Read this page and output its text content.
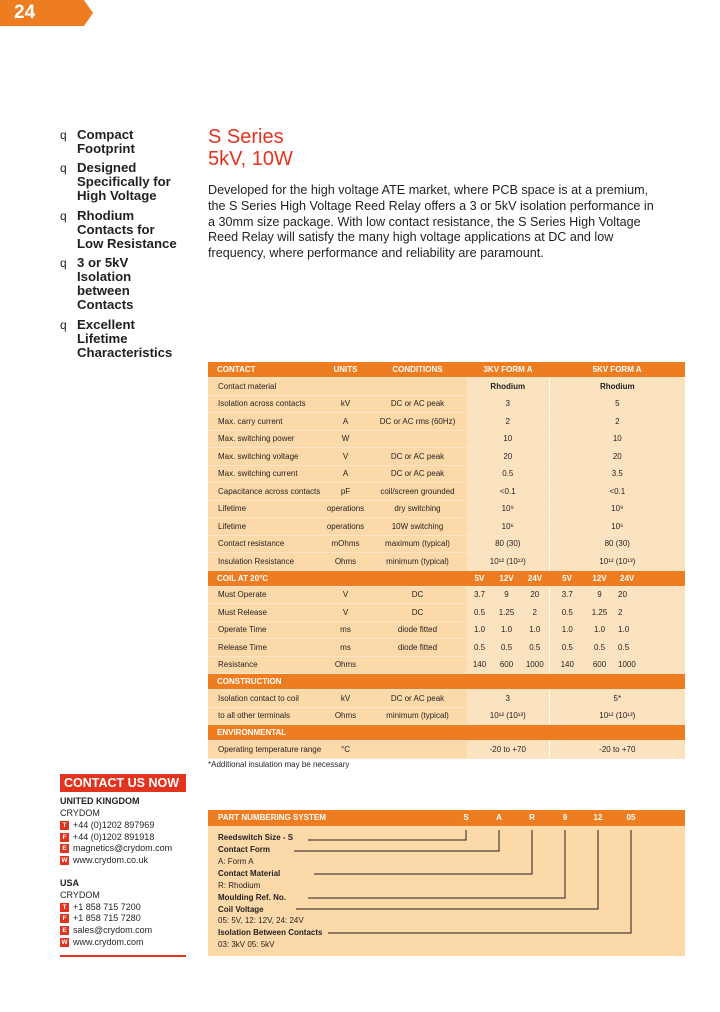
24
q Compact
Footprint
q Designed
Specifically for
High Voltage
q Rhodium
Contacts for
Low Resistance
q 3 or 5kV
Isolation
between
Contacts
q Excellent
Lifetime
Characteristics
S Series
5kV, 10W
Developed for the high voltage ATE market, where PCB space is at a premium, the S Series High Voltage Reed Relay offers a 3 or 5kV isolation performance in a 30mm size package. With low contact resistance, the S Series High Voltage Reed Relay will satisfy the many high voltage applications at DC and low frequency, where performance and reliability are paramount.
CONTACT	UNITS	CONDITIONS	3KV FORM A			5KV FORM A		
Contact material			Rhodium			Rhodium		
Isolation across contacts	kV	DC or AC peak	3			5		
Max. carry current	A	DC or AC rms (60Hz)	2			2		
Max. switching power	W		10			10		
Max. switching voltage	V	DC or AC peak	20			20		
Max. switching current	A	DC or AC peak	0.5			3.5		
Capacitance across contacts	pF	coil/screen grounded	<0.1			<0.1		
Lifetime	operations	dry switching	10⁹			10⁹		
Lifetime	operations	10W switching	10⁶			10⁶		
Contact resistance	mOhms	maximum (typical)	80 (30)			80 (30)		
Insulation Resistance	Ohms	minimum (typical)	10¹² (10¹³)			10¹² (10¹³)		
COIL AT 20°C			5V	12V	24V	5V	12V	24V
Must Operate	V	DC	3.7	9	20	3.7	9	20
Must Release	V	DC	0.5	1.25	2	0.5	1.25	2
Operate Time	ms	diode fitted	1.0	1.0	1.0	1.0	1.0	1.0
Release Time	ms	diode fitted	0.5	0.5	0.5	0.5	0.5	0.5
Resistance	Ohms		140	600	1000	140	600	1000
CONSTRUCTION								
Isolation contact to coil	kV	DC or AC peak	3			5*		
to all other terminals	Ohms	minimum (typical)	10¹² (10¹³)			10¹² (10¹³)		
ENVIRONMENTAL								
Operating temperature range	°C		-20 to +70			-20 to +70		
*Additional insulation may be necessary
CONTACT US NOW
UNITED KINGDOM
CRYDOM
T +44 (0)1202 897969
F +44 (0)1202 891918
E magnetics@crydom.com
W www.crydom.co.uk
USA
CRYDOM
T +1 858 715 7200
F +1 858 715 7280
E sales@crydom.com
W www.crydom.com
PART NUMBERING SYSTEM	S	A	R	9	12	05
Reedswitch Size - S
Contact Form
A: Form A
Contact Material
R: Rhodium
Moulding Ref. No.
Coil Voltage
05: 5V, 12: 12V, 24: 24V
Isolation Between Contacts
03: 3kV 05: 5kV
